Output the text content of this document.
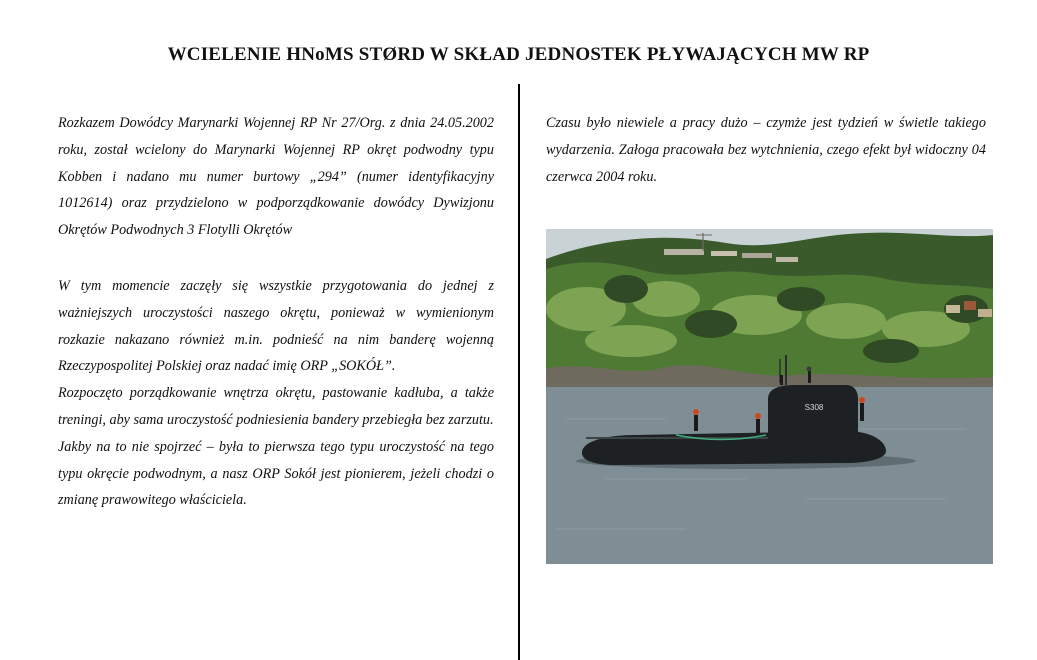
WCIELENIE HNoMS STØRD W SKŁAD JEDNOSTEK PŁYWAJĄCYCH MW RP

Rozkazem Dowódcy Marynarki Wojennej RP Nr 27/Org. z dnia 24.05.2002 roku, został wcielony do Marynarki Wojennej RP okręt podwodny typu Kobben i nadano mu numer burtowy „294” (numer identyfikacyjny 1012614) oraz przydzielono w podporządkowanie dowódcy Dywizjonu Okrętów Podwodnych 3 Flotylli Okrętów

W tym momencie zaczęły się wszystkie przygotowania do jednej z ważniejszych uroczystości naszego okrętu, ponieważ w wymienionym rozkazie nakazano również m.in. podnieść na nim banderę wojenną Rzeczypospolitej Polskiej oraz nadać imię ORP „SOKÓŁ”.

Rozpoczęto porządkowanie wnętrza okrętu, pastowanie kadłuba, a także treningi, aby sama uroczystość podniesienia bandery przebiegła bez zarzutu.

Jakby na to nie spojrzeć – była to pierwsza tego typu uroczystość na tego typu okręcie podwodnym, a nasz ORP Sokół jest pionierem, jeżeli chodzi o zmianę prawowitego właściciela.

Czasu było niewiele a pracy dużo – czymże jest tydzień w świetle takiego wydarzenia. Załoga pracowała bez wytchnienia, czego efekt był widoczny 04 czerwca 2004 roku.

S308
